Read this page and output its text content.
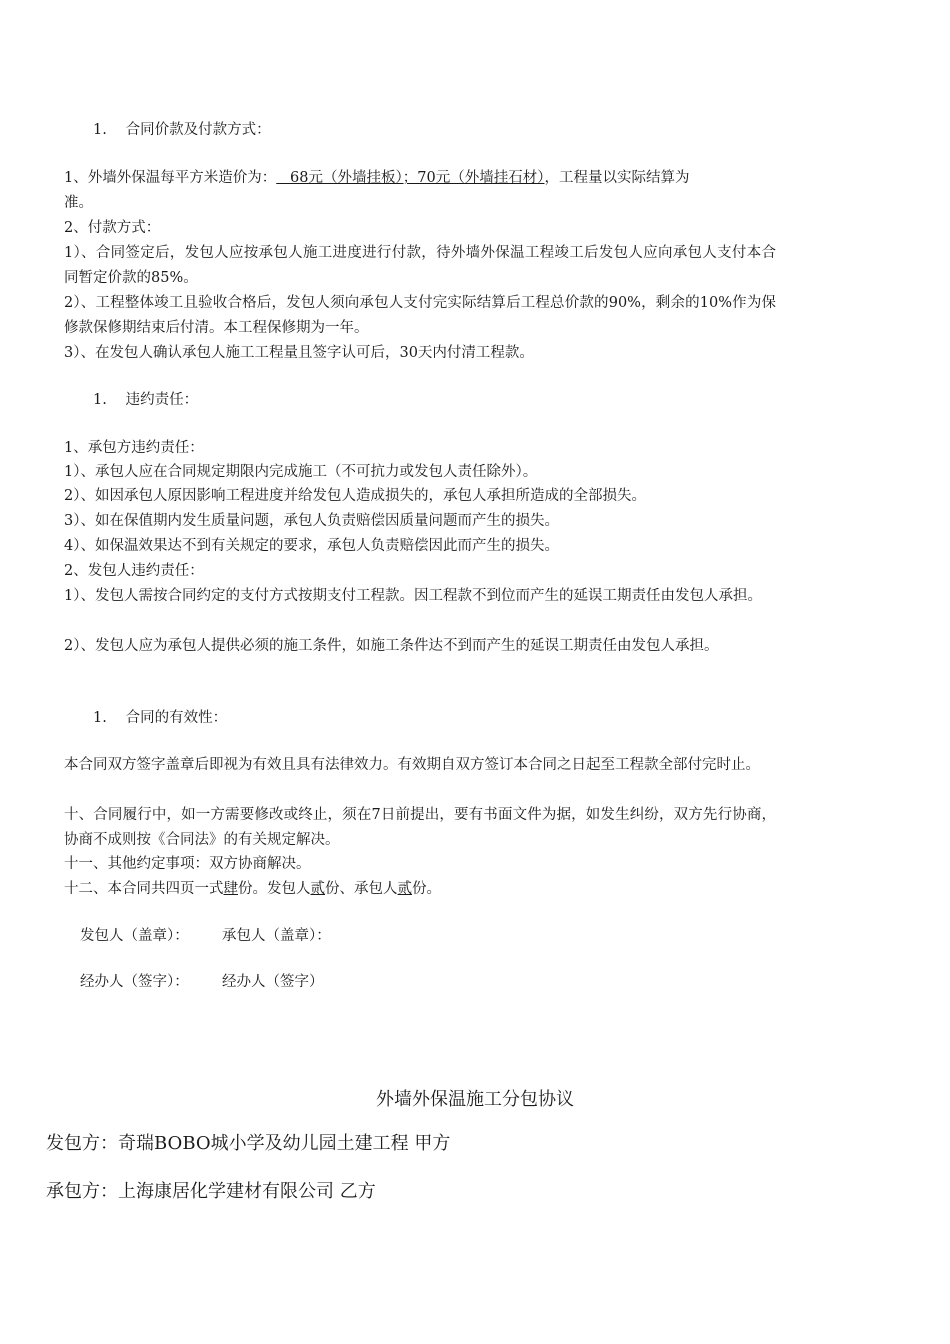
1. 合同价款及付款方式：
1、外墙外保温每平方米造价为：   68元（外墙挂板）；70元（外墙挂石材），工程量以实际结算为
准。
2、付款方式：
1）、合同签定后，发包人应按承包人施工进度进行付款，待外墙外保温工程竣工后发包人应向承包人支付本合同暂定价款的85%。
2）、工程整体竣工且验收合格后，发包人须向承包人支付完实际结算后工程总价款的90%，剩余的10%作为保修款保修期结束后付清。本工程保修期为一年。
3）、在发包人确认承包人施工工程量且签字认可后，30天内付清工程款。
1. 违约责任：
1、承包方违约责任：
1）、承包人应在合同规定期限内完成施工（不可抗力或发包人责任除外）。
2）、如因承包人原因影响工程进度并给发包人造成损失的，承包人承担所造成的全部损失。
3）、如在保值期内发生质量问题，承包人负责赔偿因质量问题而产生的损失。
4）、如保温效果达不到有关规定的要求，承包人负责赔偿因此而产生的损失。
2、发包人违约责任：
1）、发包人需按合同约定的支付方式按期支付工程款。因工程款不到位而产生的延误工期责任由发包人承担。
2）、发包人应为承包人提供必须的施工条件，如施工条件达不到而产生的延误工期责任由发包人承担。
1. 合同的有效性：
本合同双方签字盖章后即视为有效且具有法律效力。有效期自双方签订本合同之日起至工程款全部付完时止。
十、合同履行中，如一方需要修改或终止，须在7日前提出，要有书面文件为据，如发生纠纷，双方先行协商，协商不成则按《合同法》的有关规定解决。
十一、其他约定事项：双方协商解决。
十二、本合同共四页一式肆份。发包人贰份、承包人贰份。
发包人（盖章）： 承包人（盖章）：
经办人（签字）： 经办人（签字）
外墙外保温施工分包协议
发包方：奇瑞BOBO城小学及幼儿园土建工程 甲方
承包方：上海康居化学建材有限公司 乙方
